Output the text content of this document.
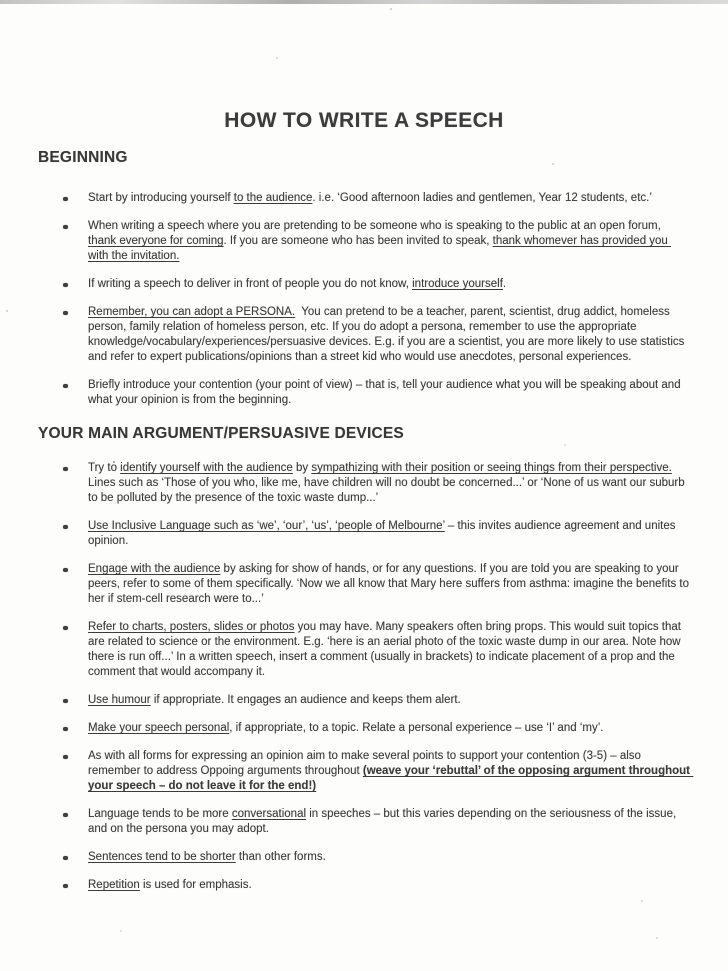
HOW TO WRITE A SPEECH
BEGINNING

Start by introducing yourself to the audience. i.e. ‘Good afternoon ladies and gentlemen, Year 12 students, etc.’

When writing a speech where you are pretending to be someone who is speaking to the public at an open forum, thank everyone for coming. If you are someone who has been invited to speak, thank whomever has provided you with the invitation.

If writing a speech to deliver in front of people you do not know, introduce yourself.

Remember, you can adopt a PERSONA.  You can pretend to be a teacher, parent, scientist, drug addict, homeless person, family relation of homeless person, etc. If you do adopt a persona, remember to use the appropriate knowledge/vocabulary/experiences/persuasive devices. E.g. if you are a scientist, you are more likely to use statistics and refer to expert publications/opinions than a street kid who would use anecdotes, personal experiences.

Briefly introduce your contention (your point of view) – that is, tell your audience what you will be speaking about and what your opinion is from the beginning.

YOUR MAIN ARGUMENT/PERSUASIVE DEVICES

Try to identify yourself with the audience by sympathizing with their position or seeing things from their perspective. Lines such as ‘Those of you who, like me, have children will no doubt be concerned...’ or ‘None of us want our suburb to be polluted by the presence of the toxic waste dump...’

Use Inclusive Language such as ‘we’, ‘our’, ‘us’, ‘people of Melbourne’ – this invites audience agreement and unites opinion.

Engage with the audience by asking for show of hands, or for any questions. If you are told you are speaking to your peers, refer to some of them specifically. ‘Now we all know that Mary here suffers from asthma: imagine the benefits to her if stem-cell research were to...’

Refer to charts, posters, slides or photos you may have. Many speakers often bring props. This would suit topics that are related to science or the environment. E.g. ‘here is an aerial photo of the toxic waste dump in our area. Note how there is run off...’ In a written speech, insert a comment (usually in brackets) to indicate placement of a prop and the comment that would accompany it.

Use humour if appropriate. It engages an audience and keeps them alert.

Make your speech personal, if appropriate, to a topic. Relate a personal experience – use ‘I’ and ‘my’.

As with all forms for expressing an opinion aim to make several points to support your contention (3-5) – also remember to address Oppoing arguments throughout (weave your ‘rebuttal’ of the opposing argument throughout your speech – do not leave it for the end!)

Language tends to be more conversational in speeches – but this varies depending on the seriousness of the issue, and on the persona you may adopt.

Sentences tend to be shorter than other forms.

Repetition is used for emphasis.
